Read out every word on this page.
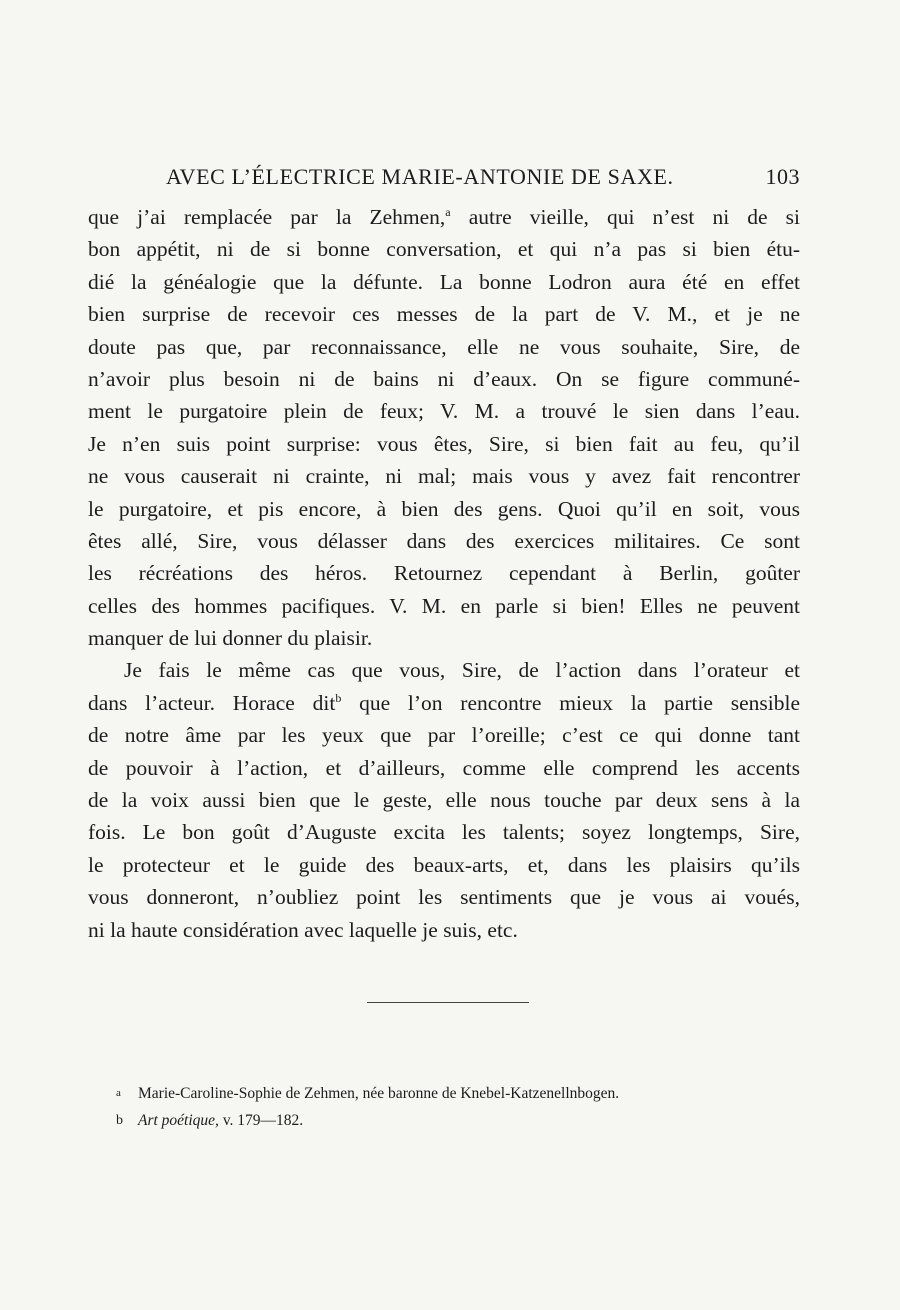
AVEC L’ÉLECTRICE MARIE-ANTONIE DE SAXE.	103
que j’ai remplacée par la Zehmen,$^a$ autre vieille, qui n’est ni de si
bon appétit, ni de si bonne conversation, et qui n’a pas si bien étu-
dié la généalogie que la défunte. La bonne Lodron aura été en effet
bien surprise de recevoir ces messes de la part de V. M., et je ne
doute pas que, par reconnaissance, elle ne vous souhaite, Sire, de
n’avoir plus besoin ni de bains ni d’eaux. On se figure communé-
ment le purgatoire plein de feux; V. M. a trouvé le sien dans l’eau.
Je n’en suis point surprise: vous êtes, Sire, si bien fait au feu, qu’il
ne vous causerait ni crainte, ni mal; mais vous y avez fait rencontrer
le purgatoire, et pis encore, à bien des gens. Quoi qu’il en soit, vous
êtes allé, Sire, vous délasser dans des exercices militaires. Ce sont
les récréations des héros. Retournez cependant à Berlin, goûter
celles des hommes pacifiques. V. M. en parle si bien! Elles ne peuvent
manquer de lui donner du plaisir.
Je fais le même cas que vous, Sire, de l’action dans l’orateur et
dans l’acteur. Horace dit$^b$ que l’on rencontre mieux la partie sensible
de notre âme par les yeux que par l’oreille; c’est ce qui donne tant
de pouvoir à l’action, et d’ailleurs, comme elle comprend les accents
de la voix aussi bien que le geste, elle nous touche par deux sens à la
fois. Le bon goût d’Auguste excita les talents; soyez longtemps, Sire,
le protecteur et le guide des beaux-arts, et, dans les plaisirs qu’ils
vous donneront, n’oubliez point les sentiments que je vous ai voués,
ni la haute considération avec laquelle je suis, etc.
a Marie-Caroline-Sophie de Zehmen, née baronne de Knebel-Katzenellnbogen.
b Art poétique, v. 179—182.
